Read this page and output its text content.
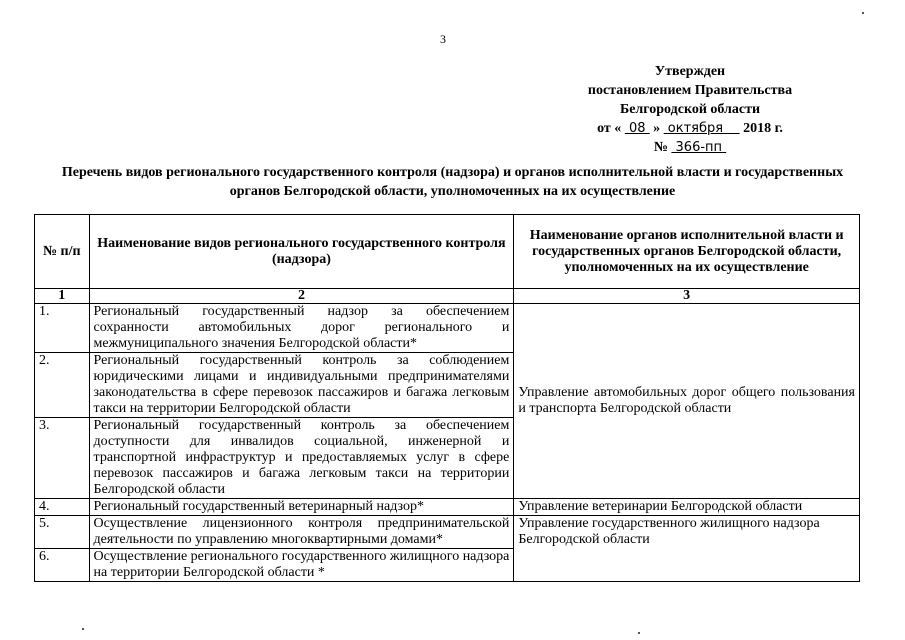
3
Утвержден
постановлением Правительства
Белгородской области
от « 08 » октября 2018 г.
№ 366-пп
Перечень видов регионального государственного контроля (надзора) и органов исполнительной власти и государственных органов Белгородской области, уполномоченных на их осуществление
№ п/п	Наименование видов регионального государственного контроля (надзора)	Наименование органов исполнительной власти и государственных органов Белгородской области, уполномоченных на их осуществление
1	2	3
1.	Региональный государственный надзор за обеспечением сохранности автомобильных дорог регионального и межмуниципального значения Белгородской области*	Управление автомобильных дорог общего пользования и транспорта Белгородской области
2.	Региональный государственный контроль за соблюдением юридическими лицами и индивидуальными предпринимателями законодательства в сфере перевозок пассажиров и багажа легковым такси на территории Белгородской области	
3.	Региональный государственный контроль за обеспечением доступности для инвалидов социальной, инженерной и транспортной инфраструктур и предоставляемых услуг в сфере перевозок пассажиров и багажа легковым такси на территории Белгородской области	
4.	Региональный государственный ветеринарный надзор*	Управление ветеринарии Белгородской области
5.	Осуществление лицензионного контроля предпринимательской деятельности по управлению многоквартирными домами*	Управление государственного жилищного надзора Белгородской области
6.	Осуществление регионального государственного жилищного надзора на территории Белгородской области *	
